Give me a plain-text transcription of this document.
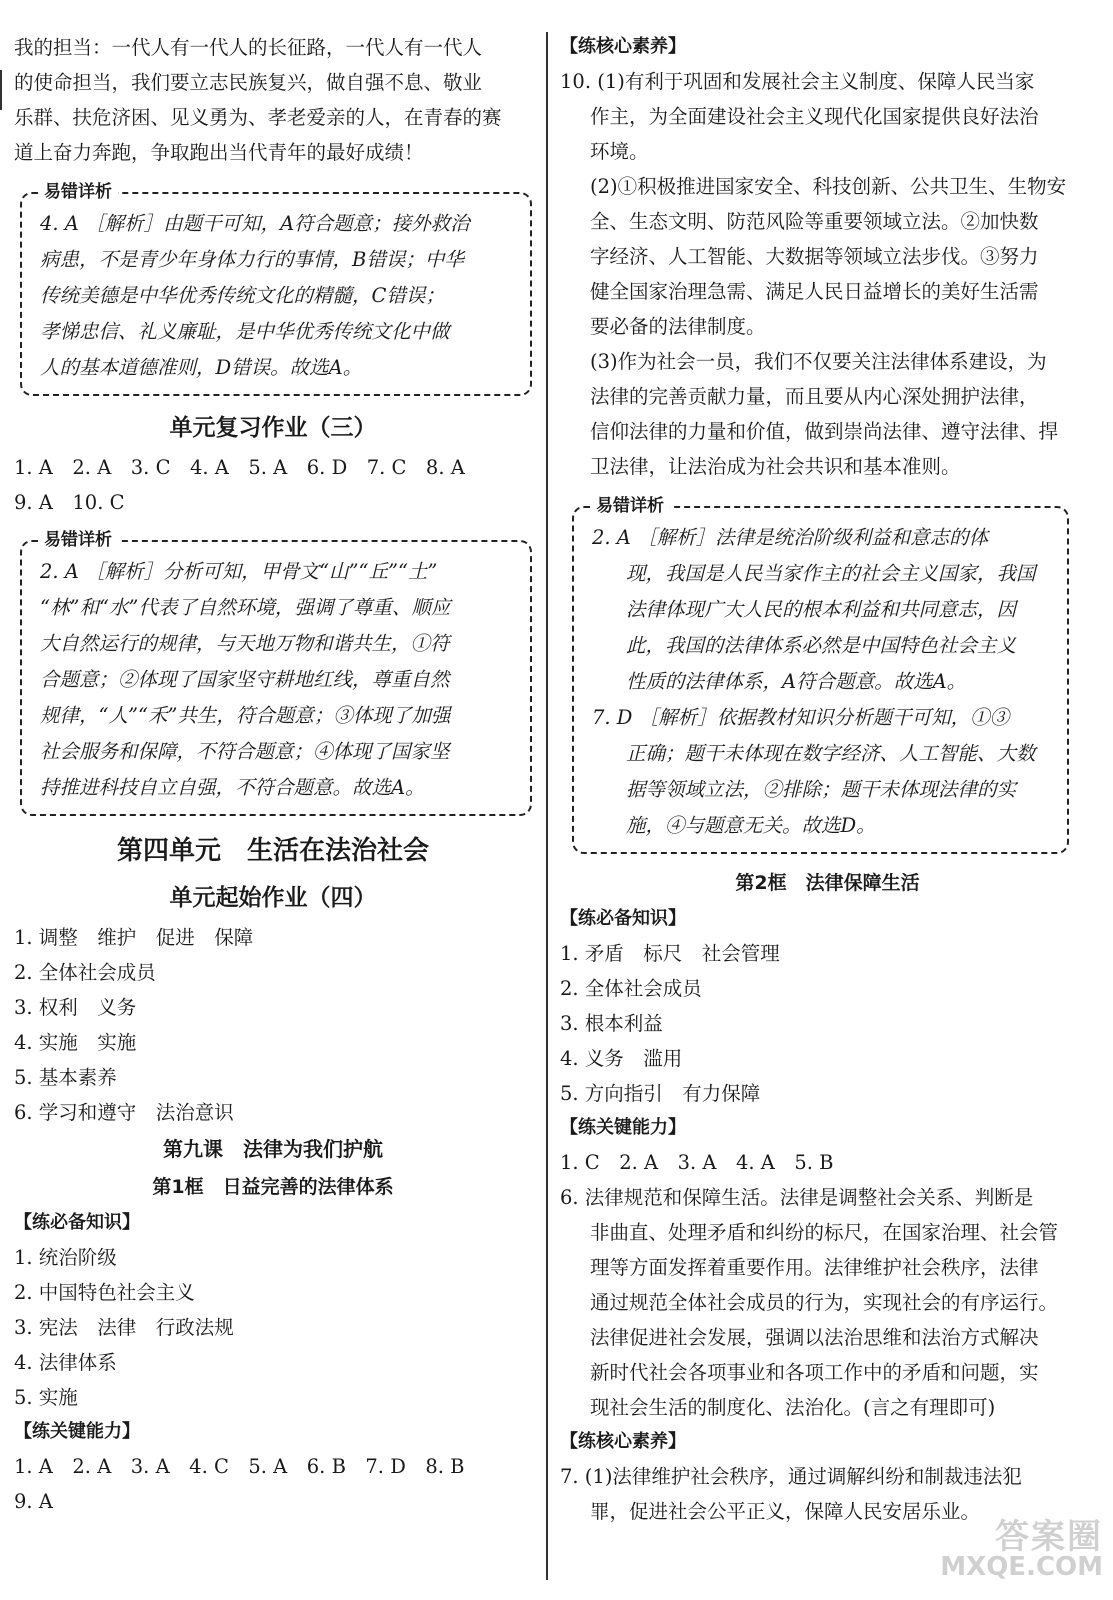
我的担当：一代人有一代人的长征路，一代人有一代人
的使命担当，我们要立志民族复兴，做自强不息、敬业
乐群、扶危济困、见义勇为、孝老爱亲的人，在青春的赛
道上奋力奔跑，争取跑出当代青年的最好成绩！
易错详析
4. A ［解析］由题干可知，A符合题意；接外救治
病患，不是青少年身体力行的事情，B错误；中华
传统美德是中华优秀传统文化的精髓，C错误；
孝悌忠信、礼义廉耻，是中华优秀传统文化中做
人的基本道德准则，D错误。故选A。
单元复习作业（三）
1. A　2. A　3. C　4. A　5. A　6. D　7. C　8. A
9. A　10. C
易错详析
2. A ［解析］分析可知，甲骨文“山”“丘”“土”
“林”和“水”代表了自然环境，强调了尊重、顺应
大自然运行的规律，与天地万物和谐共生，①符
合题意；②体现了国家坚守耕地红线，尊重自然
规律，“人”“禾”共生，符合题意；③体现了加强
社会服务和保障，不符合题意；④体现了国家坚
持推进科技自立自强，不符合题意。故选A。
第四单元　生活在法治社会
单元起始作业（四）
1. 调整　维护　促进　保障
2. 全体社会成员
3. 权利　义务
4. 实施　实施
5. 基本素养
6. 学习和遵守　法治意识
第九课　法律为我们护航
第1框　日益完善的法律体系
【练必备知识】
1. 统治阶级
2. 中国特色社会主义
3. 宪法　法律　行政法规
4. 法律体系
5. 实施
【练关键能力】
1. A　2. A　3. A　4. C　5. A　6. B　7. D　8. B
9. A
【练核心素养】
10. (1)有利于巩固和发展社会主义制度、保障人民当家
作主，为全面建设社会主义现代化国家提供良好法治
环境。
(2)①积极推进国家安全、科技创新、公共卫生、生物安
全、生态文明、防范风险等重要领域立法。②加快数
字经济、人工智能、大数据等领域立法步伐。③努力
健全国家治理急需、满足人民日益增长的美好生活需
要必备的法律制度。
(3)作为社会一员，我们不仅要关注法律体系建设，为
法律的完善贡献力量，而且要从内心深处拥护法律，
信仰法律的力量和价值，做到崇尚法律、遵守法律、捍
卫法律，让法治成为社会共识和基本准则。
易错详析
2. A ［解析］法律是统治阶级利益和意志的体
现，我国是人民当家作主的社会主义国家，我国
法律体现广大人民的根本利益和共同意志，因
此，我国的法律体系必然是中国特色社会主义
性质的法律体系，A符合题意。故选A。
7. D ［解析］依据教材知识分析题干可知，①③
正确；题干未体现在数字经济、人工智能、大数
据等领域立法，②排除；题干未体现法律的实
施，④与题意无关。故选D。
第2框　法律保障生活
【练必备知识】
1. 矛盾　标尺　社会管理
2. 全体社会成员
3. 根本利益
4. 义务　滥用
5. 方向指引　有力保障
【练关键能力】
1. C　2. A　3. A　4. A　5. B
6. 法律规范和保障生活。法律是调整社会关系、判断是
非曲直、处理矛盾和纠纷的标尺，在国家治理、社会管
理等方面发挥着重要作用。法律维护社会秩序，法律
通过规范全体社会成员的行为，实现社会的有序运行。
法律促进社会发展，强调以法治思维和法治方式解决
新时代社会各项事业和各项工作中的矛盾和问题，实
现社会生活的制度化、法治化。(言之有理即可)
【练核心素养】
7. (1)法律维护社会秩序，通过调解纠纷和制裁违法犯
罪，促进社会公平正义，保障人民安居乐业。
答案圈
MXQE.COM
